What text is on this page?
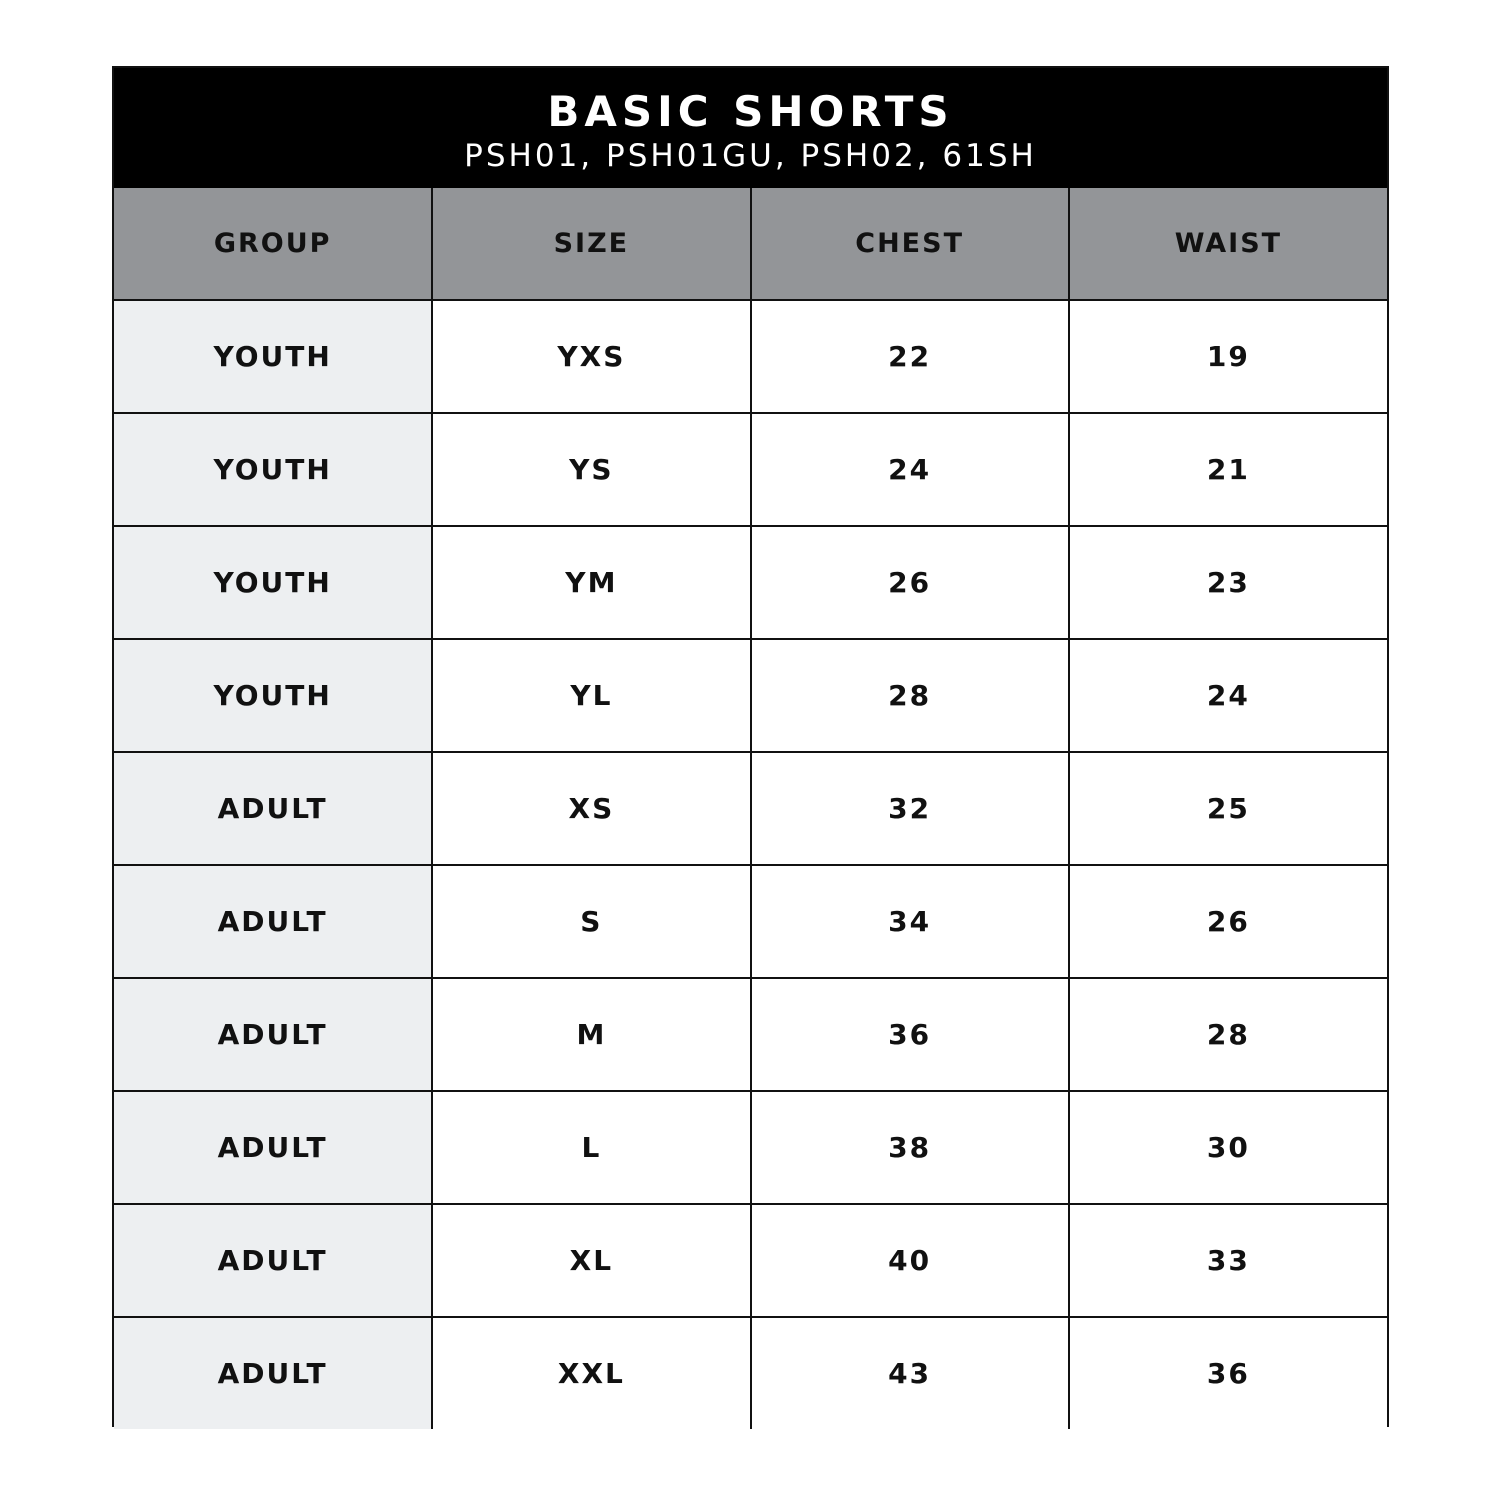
BASIC SHORTS
PSH01, PSH01GU, PSH02, 61SH
GROUP	SIZE	CHEST	WAIST
YOUTH	YXS	22	19
YOUTH	YS	24	21
YOUTH	YM	26	23
YOUTH	YL	28	24
ADULT	XS	32	25
ADULT	S	34	26
ADULT	M	36	28
ADULT	L	38	30
ADULT	XL	40	33
ADULT	XXL	43	36
